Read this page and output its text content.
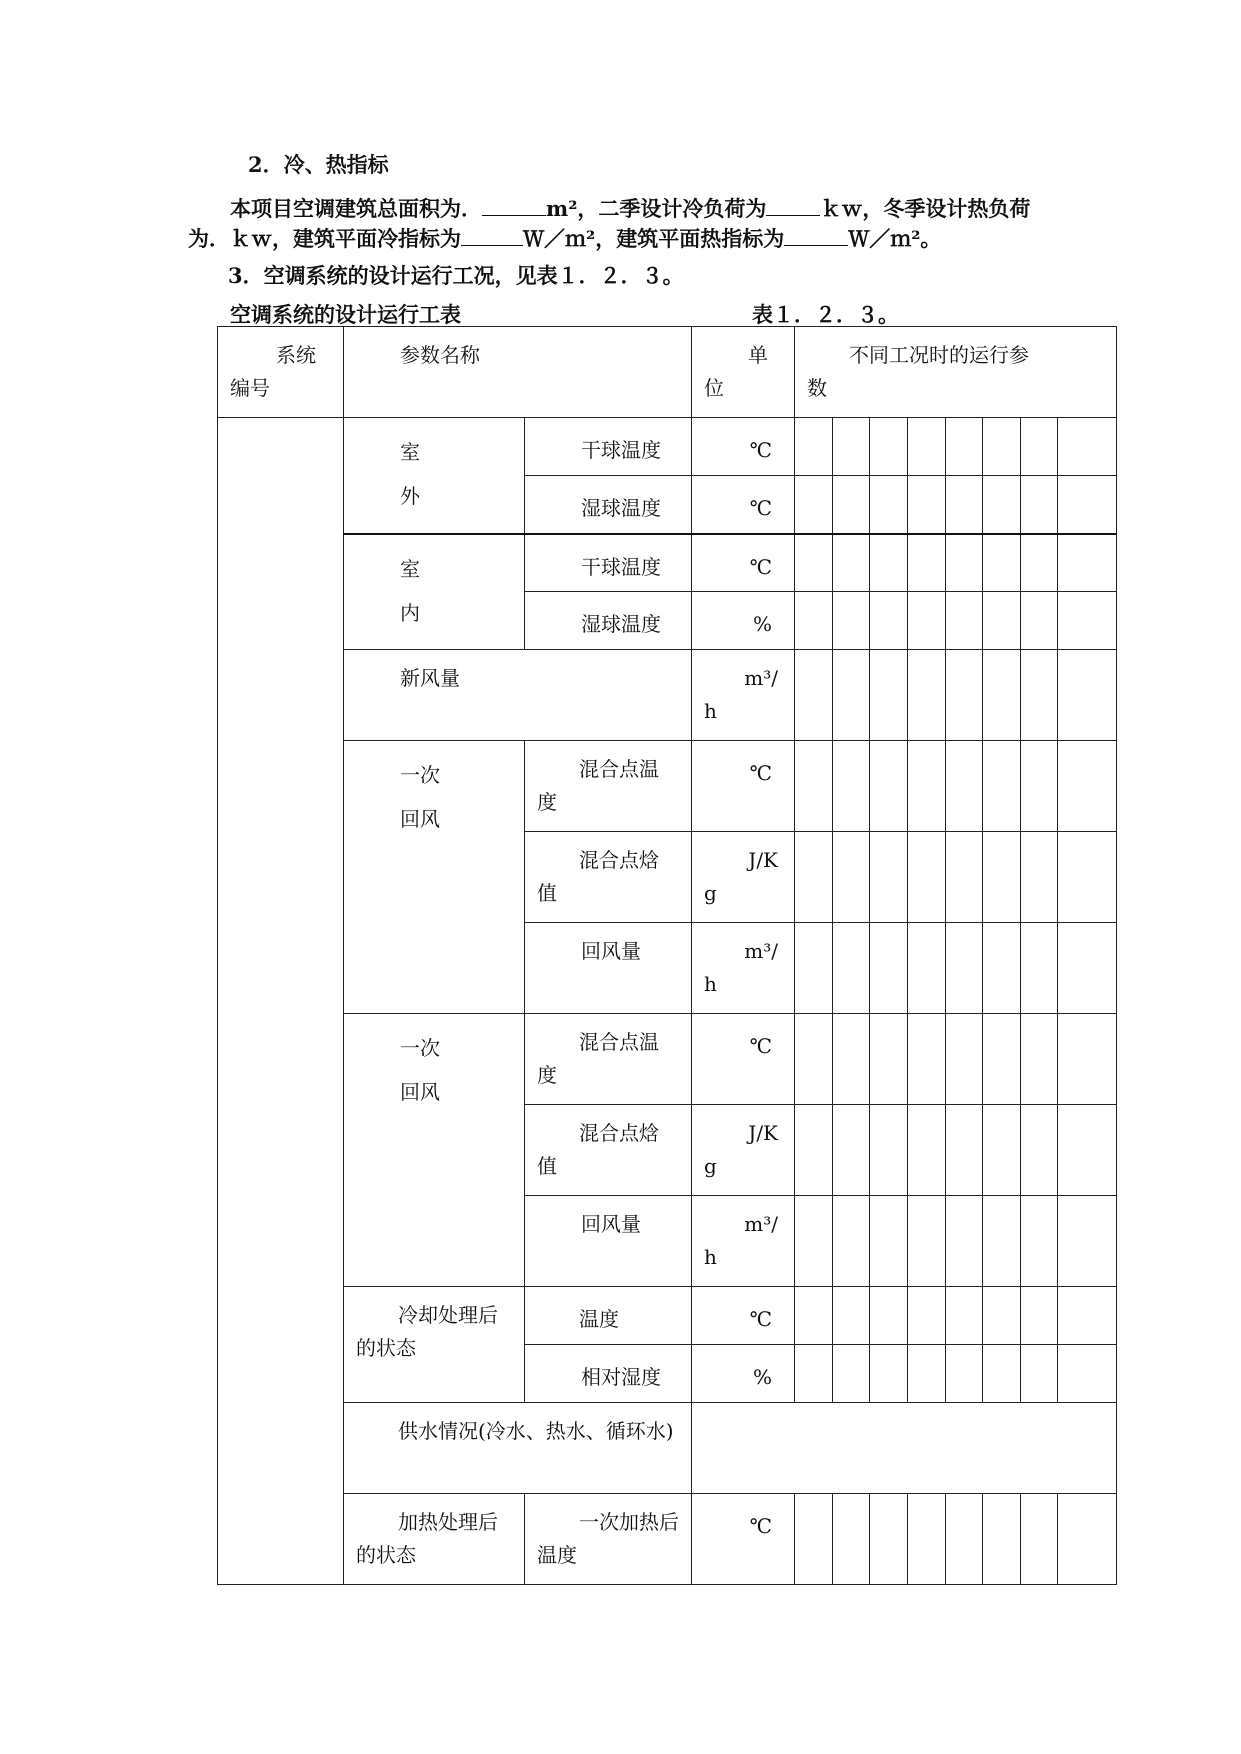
2．冷、热指标
本项目空调建筑总面积为．	m²，二季设计冷负荷为	ｋｗ，冬季设计热负荷
为．ｋｗ，建筑平面冷指标为	Ｗ／ｍ²，建筑平面热指标为	Ｗ／ｍ²。
3．空调系统的设计运行工况，见表１．２．３。
空调系统的设计运行工表	表１．２．３。
系统
编号	参数名称		单
位	不同工况时的运行参
数							

	室
外	干球温度	℃								
		湿球温度	℃								

	室
内	干球温度	℃								
		湿球温度	%								
	新风量		m³/
h								

	一次
回风	混合点温
度	℃								

		混合点焓
值	J/K
g								
		回风量	m³/
h								

	一次
回风	混合点温
度	℃								

		混合点焓
值	J/K
g								
		回风量	m³/
h								
	冷却处理后的状态	温度	℃								
		相对湿度	%								
	供水情况(冷水、热水、循环水)										
	加热处理后的状态	一次加热后温度	℃								
